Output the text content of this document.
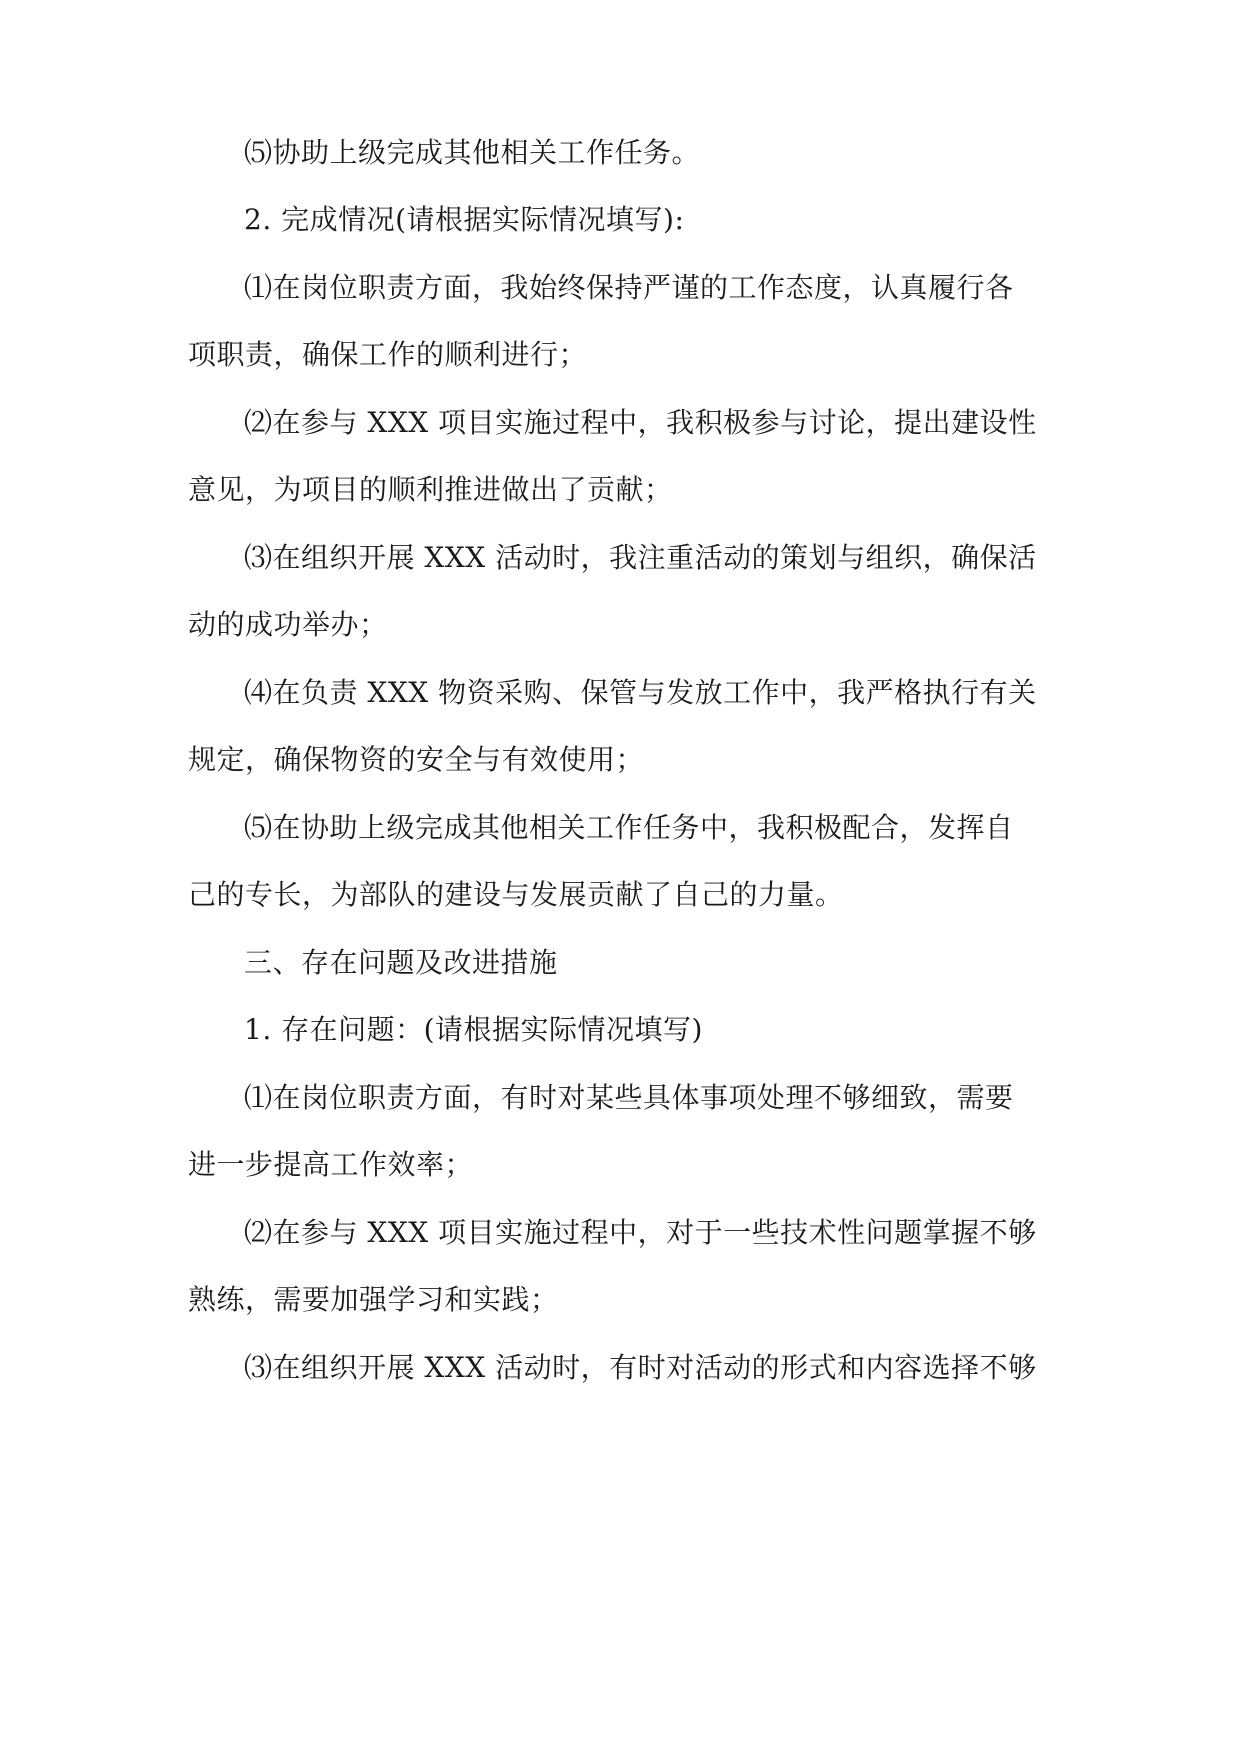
⑸协助上级完成其他相关工作任务。
2. 完成情况(请根据实际情况填写):
⑴在岗位职责方面，我始终保持严谨的工作态度，认真履行各
项职责，确保工作的顺利进行；
⑵在参与 XXX 项目实施过程中，我积极参与讨论，提出建设性
意见，为项目的顺利推进做出了贡献；
⑶在组织开展 XXX 活动时，我注重活动的策划与组织，确保活
动的成功举办；
⑷在负责 XXX 物资采购、保管与发放工作中，我严格执行有关
规定，确保物资的安全与有效使用；
⑸在协助上级完成其他相关工作任务中，我积极配合，发挥自
己的专长，为部队的建设与发展贡献了自己的力量。
三、存在问题及改进措施
1. 存在问题：(请根据实际情况填写)
⑴在岗位职责方面，有时对某些具体事项处理不够细致，需要
进一步提高工作效率；
⑵在参与 XXX 项目实施过程中，对于一些技术性问题掌握不够
熟练，需要加强学习和实践；
⑶在组织开展 XXX 活动时，有时对活动的形式和内容选择不够
